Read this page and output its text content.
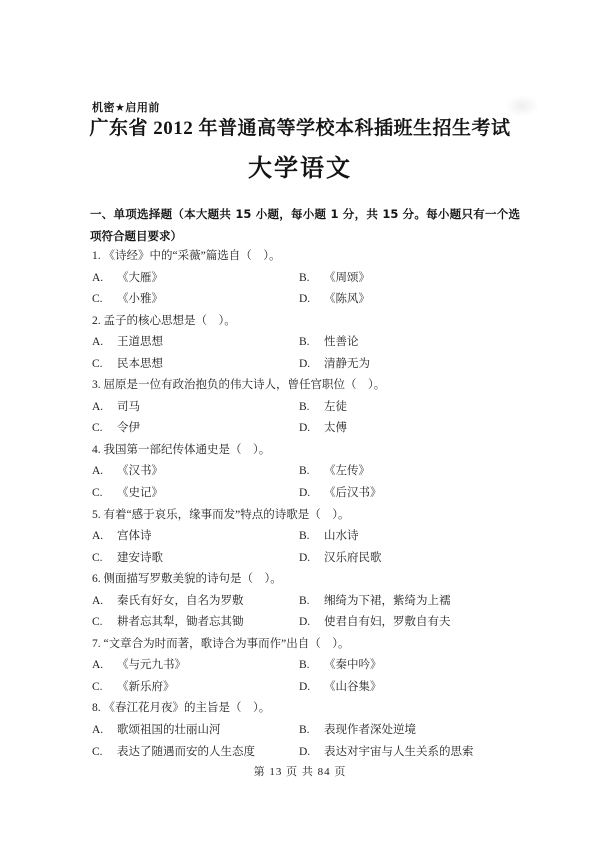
机密★启用前
广东省 2012 年普通高等学校本科插班生招生考试
大学语文
一、单项选择题（本大题共 15 小题，每小题 1 分，共 15 分。每小题只有一个选项符合题目要求）
1. 《诗经》中的“采薇”篇选自（　）。
A. 《大雁》	B. 《周颂》
C. 《小雅》	D. 《陈风》
2. 孟子的核心思想是（　）。
A. 王道思想	B. 性善论
C. 民本思想	D. 清静无为
3. 屈原是一位有政治抱负的伟大诗人，曾任官职位（　）。
A. 司马	B. 左徒
C. 令伊	D. 太傅
4. 我国第一部纪传体通史是（　）。
A. 《汉书》	B. 《左传》
C. 《史记》	D. 《后汉书》
5. 有着“感于哀乐，缘事而发”特点的诗歌是（　）。
A. 宫体诗	B. 山水诗
C. 建安诗歌	D. 汉乐府民歌
6. 侧面描写罗敷美貌的诗句是（　）。
A. 秦氏有好女，自名为罗敷	B. 缃绮为下裙，紫绮为上襦
C. 耕者忘其犁，锄者忘其锄	D. 使君自有妇，罗敷自有夫
7. “文章合为时而著，歌诗合为事而作”出自（　）。
A. 《与元九书》	B. 《秦中吟》
C. 《新乐府》	D. 《山谷集》
8. 《春江花月夜》的主旨是（　）。
A. 歌颂祖国的壮丽山河	B. 表现作者深处逆境
C. 表达了随遇而安的人生态度	D. 表达对宇宙与人生关系的思索
第 13 页 共 84 页
